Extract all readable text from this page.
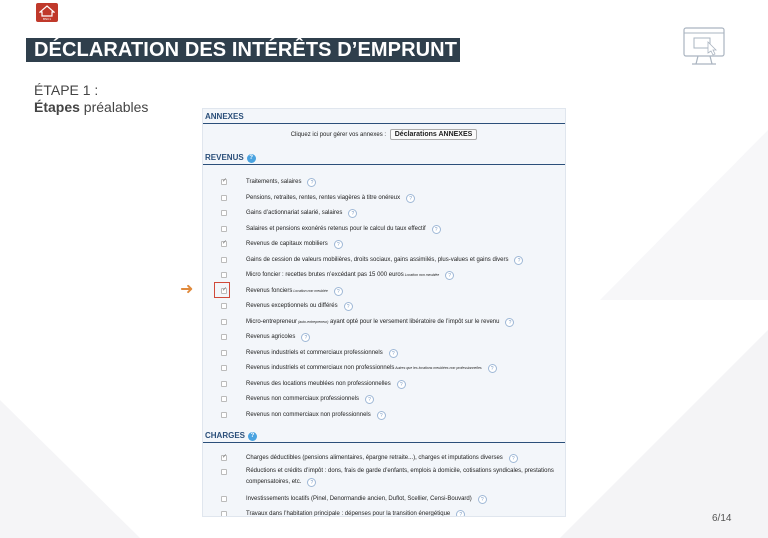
BNC1
DÉCLARATION DES INTÉRÊTS D’EMPRUNT
ÉTAPE 1 :
Étapes préalables
ANNEXES
Cliquez ici pour gérer vos annexes : Déclarations ANNEXES
REVENUS ?
✓
Traitements, salaires ?
Pensions, retraites, rentes, rentes viagères à titre onéreux ?
Gains d’actionnariat salarié, salaires ?
Salaires et pensions exonérés retenus pour le calcul du taux effectif ?
✓
Revenus de capitaux mobiliers ?
Gains de cession de valeurs mobilières, droits sociaux, gains assimilés, plus-values et gains divers ?
Micro foncier : recettes brutes n’excédant pas 15 000 euros Location non meublée ?
✓
Revenus fonciers Location non meublée ?
Revenus exceptionnels ou différés ?
Micro-entrepreneur (auto-entrepreneur) ayant opté pour le versement libératoire de l’impôt sur le revenu ?
Revenus agricoles ?
Revenus industriels et commerciaux professionnels ?
Revenus industriels et commerciaux non professionnels Autres que les locations meublées non professionnelles ?
Revenus des locations meublées non professionnelles ?
Revenus non commerciaux professionnels ?
Revenus non commerciaux non professionnels ?
CHARGES ?
✓
Charges déductibles (pensions alimentaires, épargne retraite...), charges et imputations diverses ?
Réductions et crédits d’impôt : dons, frais de garde d’enfants, emplois à domicile, cotisations syndicales, prestations compensatoires, etc. ?
Investissements locatifs (Pinel, Denormandie ancien, Duflot, Scellier, Censi-Bouvard) ?
Travaux dans l’habitation principale : dépenses pour la transition énergétique ?
➜
6/14
